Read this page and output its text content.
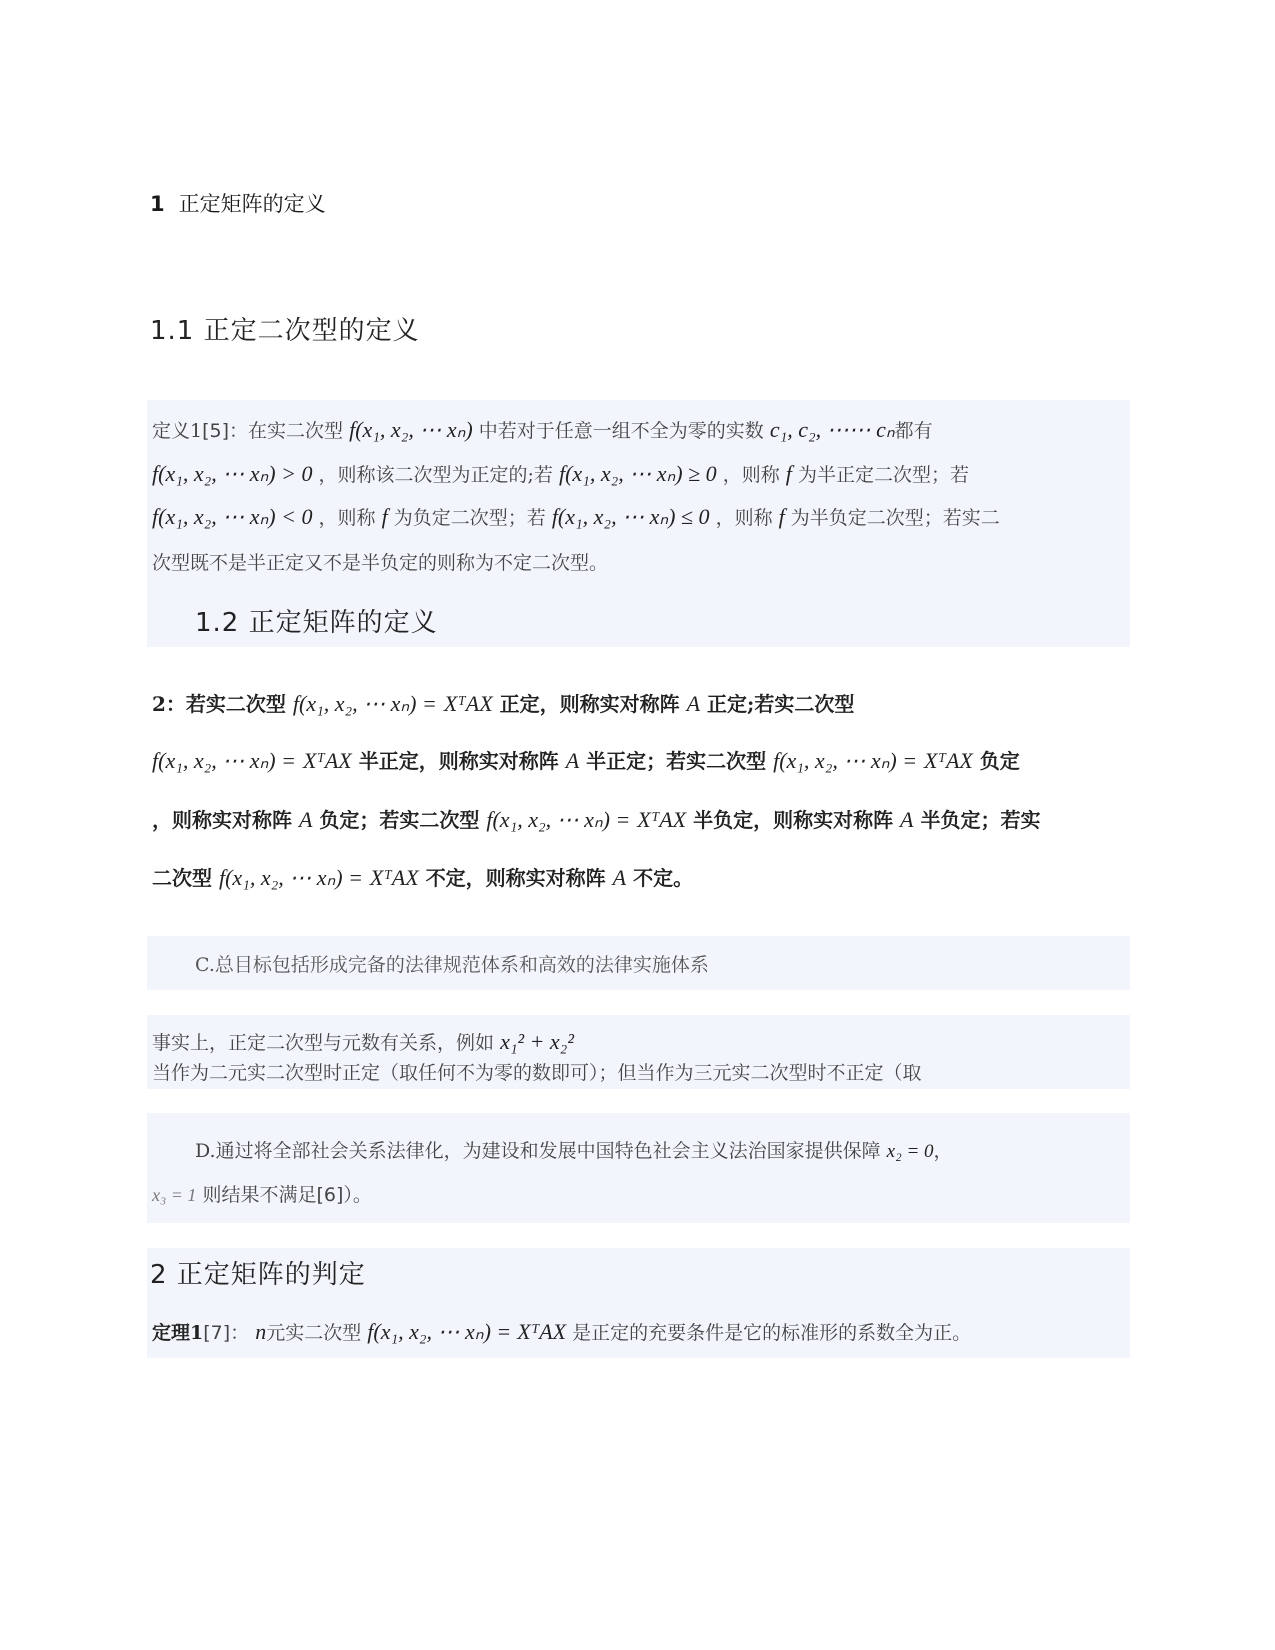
1 正定矩阵的定义
1.1 正定二次型的定义
定义1[5]：在实二次型 f(x₁, x₂, ⋯ xₙ) 中若对于任意一组不全为零的实数 c₁, c₂, ⋯⋯ cₙ都有
f(x₁, x₂, ⋯ xₙ) > 0 ，则称该二次型为正定的;若 f(x₁, x₂, ⋯ xₙ) ≥ 0 ，则称 f 为半正定二次型；若
f(x₁, x₂, ⋯ xₙ) < 0 ，则称 f 为负定二次型；若 f(x₁, x₂, ⋯ xₙ) ≤ 0 ，则称 f 为半负定二次型；若实二
次型既不是半正定又不是半负定的则称为不定二次型。
1.2 正定矩阵的定义
2：若实二次型 f(x₁, x₂, ⋯ xₙ) = XᵀAX 正定，则称实对称阵 A 正定;若实二次型
f(x₁, x₂, ⋯ xₙ) = XᵀAX 半正定，则称实对称阵 A 半正定；若实二次型 f(x₁, x₂, ⋯ xₙ) = XᵀAX 负定
，则称实对称阵 A 负定；若实二次型 f(x₁, x₂, ⋯ xₙ) = XᵀAX 半负定，则称实对称阵 A 半负定；若实
二次型 f(x₁, x₂, ⋯ xₙ) = XᵀAX 不定，则称实对称阵 A 不定。
C.总目标包括形成完备的法律规范体系和高效的法律实施体系
事实上，正定二次型与元数有关系，例如 x₁² + x₂²
当作为二元实二次型时正定（取任何不为零的数即可）；但当作为三元实二次型时不正定（取
D.通过将全部社会关系法律化，为建设和发展中国特色社会主义法治国家提供保障 x₂ = 0，
x₃ = 1 则结果不满足[6]）。
2 正定矩阵的判定
定理1[7]： n元实二次型 f(x₁, x₂, ⋯ xₙ) = XᵀAX 是正定的充要条件是它的标准形的系数全为正。
